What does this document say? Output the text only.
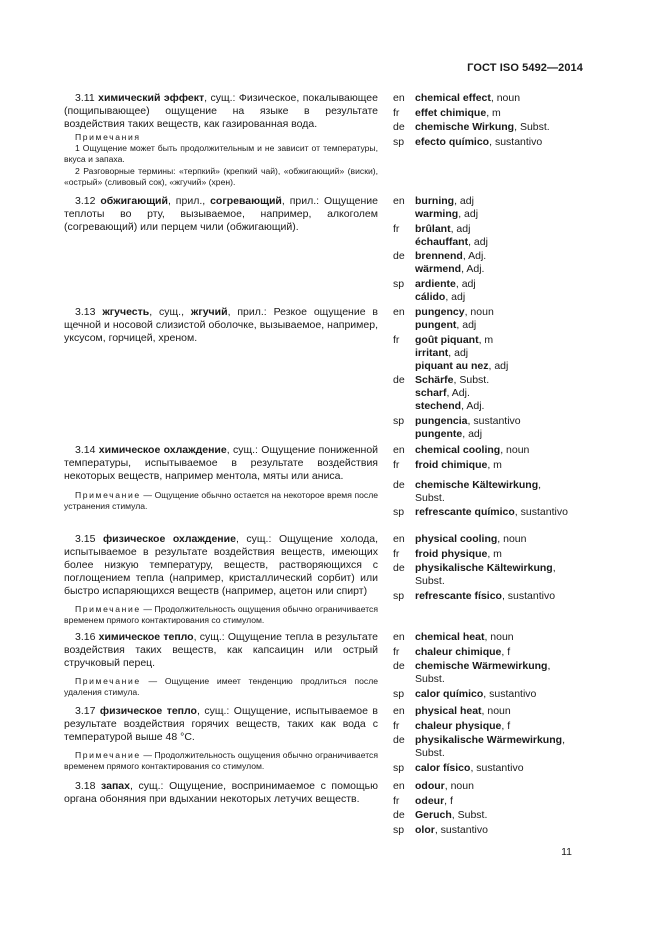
ГОСТ ISO 5492—2014

3.11 химический эффект, сущ.: Физическое, покалывающее (пощипывающее) ощущение на языке в результате воздействия таких веществ, как газированная вода.

Примечания

1 Ощущение может быть продолжительным и не зависит от температуры, вкуса и запаха.

2 Разговорные термины: «терпкий» (крепкий чай), «обжигающий» (виски), «острый» (сливовый сок), «жгучий» (хрен).

en chemical effect, noun
fr effet chimique, m
de chemische Wirkung, Subst.
sp efecto químico, sustantivo

3.12 обжигающий, прил., согревающий, прил.: Ощущение теплоты во рту, вызываемое, например, алкоголем (согревающий) или перцем чили (обжигающий).

en burning, adj
warming, adj
fr brûlant, adj
échauffant, adj
de brennend, Adj.
wärmend, Adj.
sp ardiente, adj
cálido, adj

3.13 жгучесть, сущ., жгучий, прил.: Резкое ощущение в щечной и носовой слизистой оболочке, вызываемое, например, уксусом, горчицей, хреном.

en pungency, noun
pungent, adj
fr goût piquant, m
irritant, adj
piquant au nez, adj
de Schärfe, Subst.
scharf, Adj.
stechend, Adj.
sp pungencia, sustantivo
pungente, adj

3.14 химическое охлаждение, сущ.: Ощущение пониженной температуры, испытываемое в результате воздействия некоторых веществ, например ментола, мяты или аниса.

Примечание — Ощущение обычно остается на некоторое время после устранения стимула.

en chemical cooling, noun
fr froid chimique, m
de chemische Kältewirkung,
Subst.
sp refrescante químico, sustantivo

3.15 физическое охлаждение, сущ.: Ощущение холода, испытываемое в результате воздействия веществ, имеющих более низкую температуру, веществ, растворяющихся с поглощением тепла (например, кристаллический сорбит) или быстро испаряющихся веществ (например, ацетон или спирт)

Примечание — Продолжительность ощущения обычно ограничивается временем прямого контактирования со стимулом.

en physical cooling, noun
fr froid physique, m
de physikalische Kältewirkung,
Subst.
sp refrescante físico, sustantivo

3.16 химическое тепло, сущ.: Ощущение тепла в результате воздействия таких веществ, как капсаицин или острый стручковый перец.

Примечание — Ощущение имеет тенденцию продлиться после удаления стимула.

en chemical heat, noun
fr chaleur chimique, f
de chemische Wärmewirkung,
Subst.
sp calor químico, sustantivo

3.17 физическое тепло, сущ.: Ощущение, испытываемое в результате воздействия горячих веществ, таких как вода с температурой выше 48 °С.

Примечание — Продолжительность ощущения обычно ограничивается временем прямого контактирования со стимулом.

en physical heat, noun
fr chaleur physique, f
de physikalische Wärmewirkung,
Subst.
sp calor físico, sustantivo

3.18 запах, сущ.: Ощущение, воспринимаемое с помощью органа обоняния при вдыхании некоторых летучих веществ.

en odour, noun
fr odeur, f
de Geruch, Subst.
sp olor, sustantivo
11
